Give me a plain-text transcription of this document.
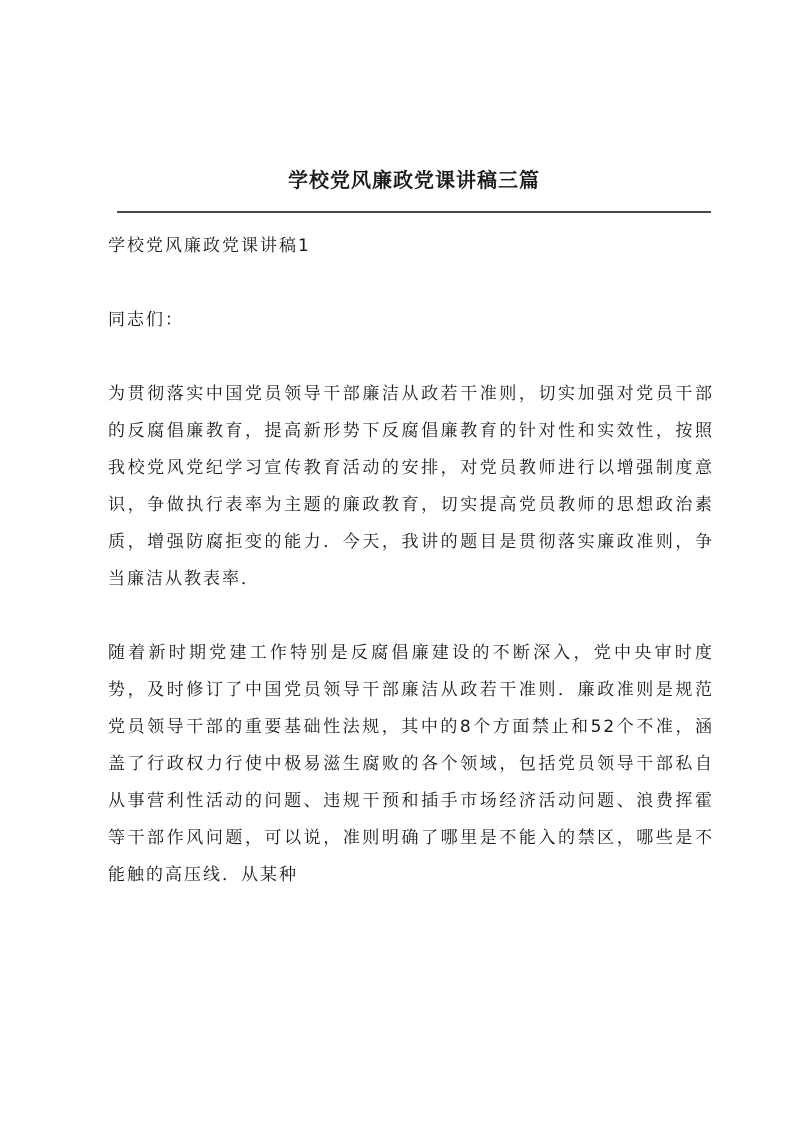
学校党风廉政党课讲稿三篇

学校党风廉政党课讲稿1

同志们：

为贯彻落实中国党员领导干部廉洁从政若干准则，切实加强对党员干部的反腐倡廉教育，提高新形势下反腐倡廉教育的针对性和实效性，按照我校党风党纪学习宣传教育活动的安排，对党员教师进行以增强制度意识，争做执行表率为主题的廉政教育，切实提高党员教师的思想政治素质，增强防腐拒变的能力．今天，我讲的题目是贯彻落实廉政准则，争当廉洁从教表率．

随着新时期党建工作特别是反腐倡廉建设的不断深入，党中央审时度势，及时修订了中国党员领导干部廉洁从政若干准则．廉政准则是规范党员领导干部的重要基础性法规，其中的8个方面禁止和52个不准，涵盖了行政权力行使中极易滋生腐败的各个领域，包括党员领导干部私自从事营利性活动的问题、违规干预和插手市场经济活动问题、浪费挥霍等干部作风问题，可以说，准则明确了哪里是不能入的禁区，哪些是不能触的高压线．从某种
